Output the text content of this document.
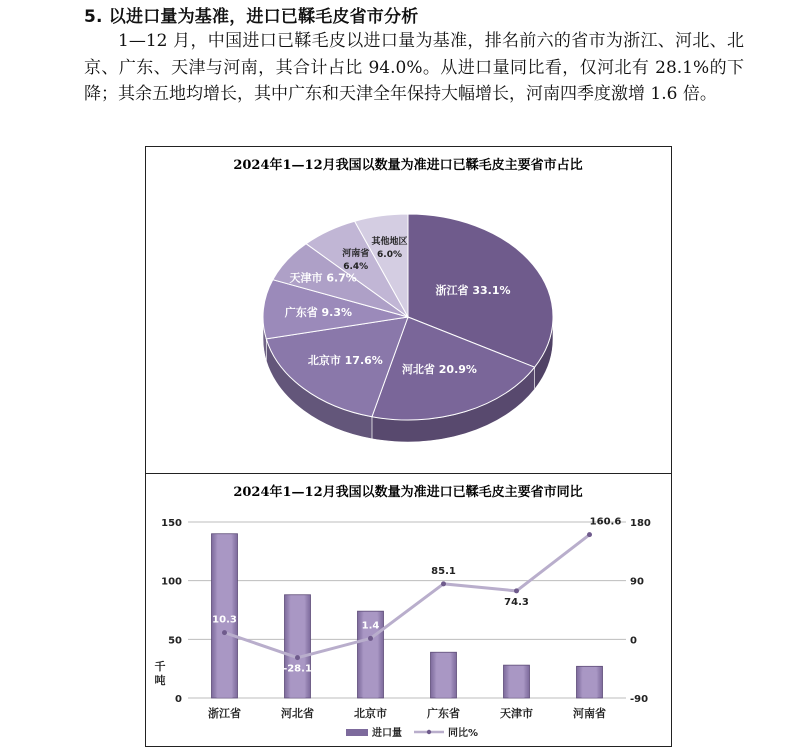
5. 以进口量为基准，进口已鞣毛皮省市分析
1—12 月，中国进口已鞣毛皮以进口量为基准，排名前六的省市为浙江、河北、北京、广东、天津与河南，其合计占比 94.0%。从进口量同比看，仅河北有 28.1%的下降；其余五地均增长，其中广东和天津全年保持大幅增长，河南四季度激增 1.6 倍。
2024年1—12月我国以数量为准进口已鞣毛皮主要省市占比
浙江省 33.1%
河北省 20.9%
北京市 17.6%
广东省 9.3%
天津市 6.7%
河南省
6.4%
其他地区
6.0%
2024年1—12月我国以数量为准进口已鞣毛皮主要省市同比
0
50
100
150
-90
0
90
180
千
吨
10.3
-28.1
1.4
85.1
74.3
160.6
浙江省	河北省	北京市	广东省	天津市	河南省
进口量	同比%
